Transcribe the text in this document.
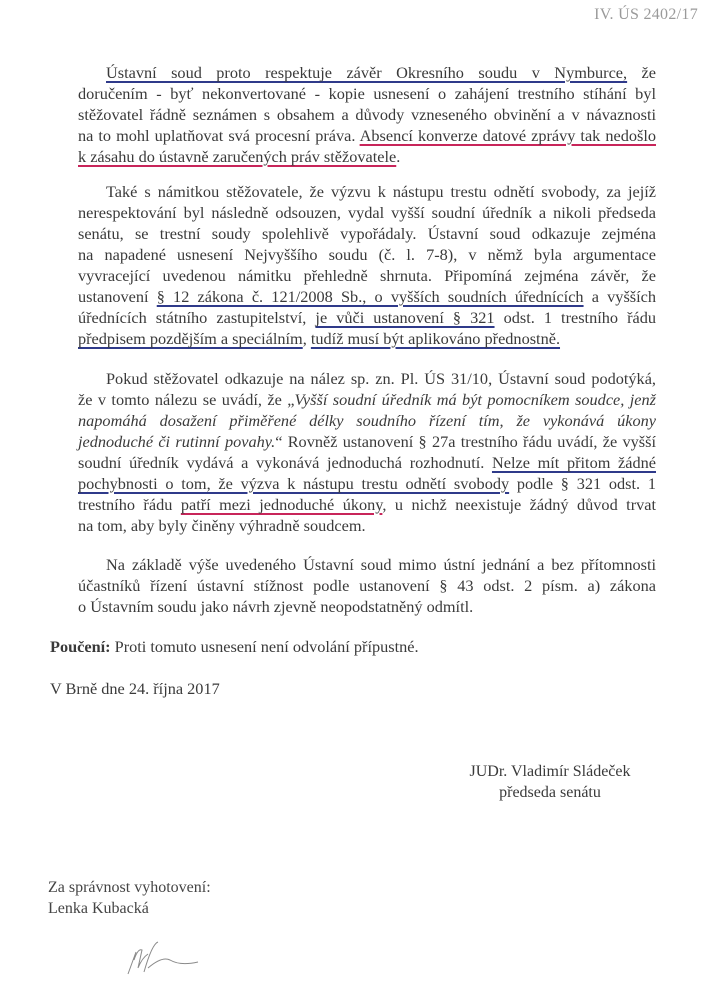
IV. ÚS 2402/17
Ústavní soud proto respektuje závěr Okresního soudu v Nymburce, že
doručením - byť nekonvertované - kopie usnesení o zahájení trestního stíhání byl
stěžovatel řádně seznámen s obsahem a důvody vzneseného obvinění a v návaznosti
na to mohl uplatňovat svá procesní práva. Absencí konverze datové zprávy tak nedošlo
k zásahu do ústavně zaručených práv stěžovatele.
Také s námitkou stěžovatele, že výzvu k nástupu trestu odnětí svobody, za jejíž
nerespektování byl následně odsouzen, vydal vyšší soudní úředník a nikoli předseda
senátu, se trestní soudy spolehlivě vypořádaly. Ústavní soud odkazuje zejména
na napadené usnesení Nejvyššího soudu (č. l. 7-8), v němž byla argumentace
vyvracející uvedenou námitku přehledně shrnuta. Připomíná zejména závěr, že
ustanovení § 12 zákona č. 121/2008 Sb., o vyšších soudních úřednících a vyšších
úřednících státního zastupitelství, je vůči ustanovení § 321 odst. 1 trestního řádu
předpisem pozdějším a speciálním, tudíž musí být aplikováno přednostně.
Pokud stěžovatel odkazuje na nález sp. zn. Pl. ÚS 31/10, Ústavní soud podotýká,
že v tomto nálezu se uvádí, že „Vyšší soudní úředník má být pomocníkem soudce, jenž
napomáhá dosažení přiměřené délky soudního řízení tím, že vykonává úkony
jednoduché či rutinní povahy.“ Rovněž ustanovení § 27a trestního řádu uvádí, že vyšší
soudní úředník vydává a vykonává jednoduchá rozhodnutí. Nelze mít přitom žádné
pochybnosti o tom, že výzva k nástupu trestu odnětí svobody podle § 321 odst. 1
trestního řádu patří mezi jednoduché úkony, u nichž neexistuje žádný důvod trvat
na tom, aby byly činěny výhradně soudcem.
Na základě výše uvedeného Ústavní soud mimo ústní jednání a bez přítomnosti
účastníků řízení ústavní stížnost podle ustanovení § 43 odst. 2 písm. a) zákona
o Ústavním soudu jako návrh zjevně neopodstatněný odmítl.
Poučení: Proti tomuto usnesení není odvolání přípustné.
V Brně dne 24. října 2017
JUDr. Vladimír Sládeček
předseda senátu
Za správnost vyhotovení:
Lenka Kubacká
